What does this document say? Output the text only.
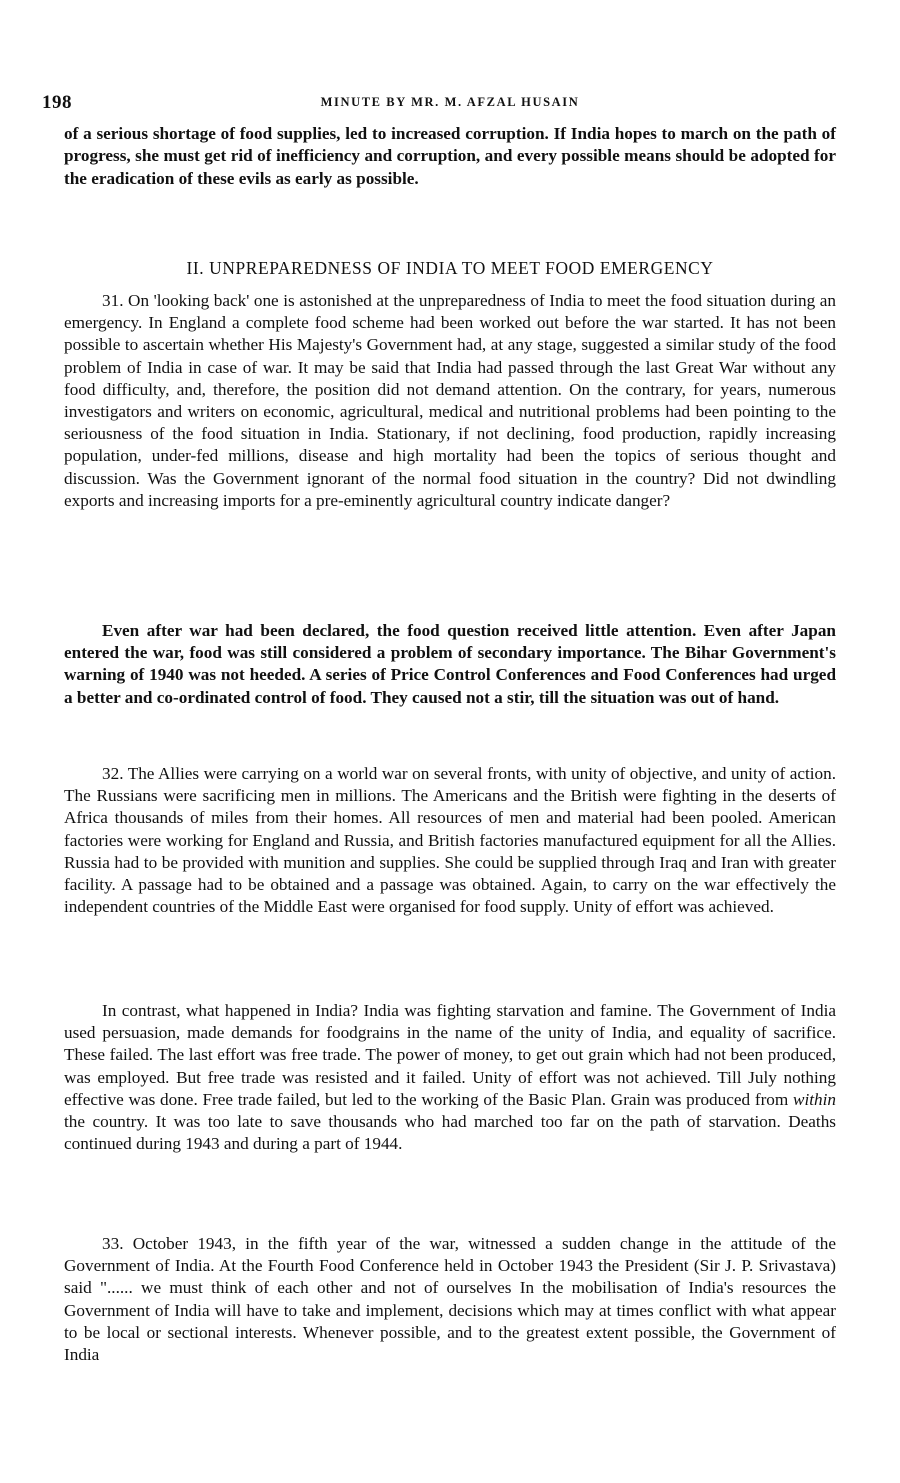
198	MINUTE BY MR. M. AFZAL HUSAIN

of a serious shortage of food supplies, led to increased corruption. If India hopes to march on the path of progress, she must get rid of inefficiency and corruption, and every possible means should be adopted for the eradication of these evils as early as possible.

II. UNPREPAREDNESS OF INDIA TO MEET FOOD EMERGENCY

31. On 'looking back' one is astonished at the unpreparedness of India to meet the food situation during an emergency. In England a complete food scheme had been worked out before the war started. It has not been possible to ascertain whether His Majesty's Government had, at any stage, suggested a similar study of the food problem of India in case of war. It may be said that India had passed through the last Great War without any food difficulty, and, therefore, the position did not demand attention. On the contrary, for years, numerous investigators and writers on economic, agricultural, medical and nutritional problems had been pointing to the seriousness of the food situation in India. Stationary, if not declining, food production, rapidly increasing population, under-fed millions, disease and high mortality had been the topics of serious thought and discussion. Was the Government ignorant of the normal food situation in the country? Did not dwindling exports and increasing imports for a pre-eminently agricultural country indicate danger?

Even after war had been declared, the food question received little attention. Even after Japan entered the war, food was still considered a problem of secondary importance. The Bihar Government's warning of 1940 was not heeded. A series of Price Control Conferences and Food Conferences had urged a better and co-ordinated control of food. They caused not a stir, till the situation was out of hand.

32. The Allies were carrying on a world war on several fronts, with unity of objective, and unity of action. The Russians were sacrificing men in millions. The Americans and the British were fighting in the deserts of Africa thousands of miles from their homes. All resources of men and material had been pooled. American factories were working for England and Russia, and British factories manufactured equipment for all the Allies. Russia had to be provided with munition and supplies. She could be supplied through Iraq and Iran with greater facility. A passage had to be obtained and a passage was obtained. Again, to carry on the war effectively the independent countries of the Middle East were organised for food supply. Unity of effort was achieved.

In contrast, what happened in India? India was fighting starvation and famine. The Government of India used persuasion, made demands for foodgrains in the name of the unity of India, and equality of sacrifice. These failed. The last effort was free trade. The power of money, to get out grain which had not been produced, was employed. But free trade was resisted and it failed. Unity of effort was not achieved. Till July nothing effective was done. Free trade failed, but led to the working of the Basic Plan. Grain was produced from within the country. It was too late to save thousands who had marched too far on the path of starvation. Deaths continued during 1943 and during a part of 1944.

33. October 1943, in the fifth year of the war, witnessed a sudden change in the attitude of the Government of India. At the Fourth Food Conference held in October 1943 the President (Sir J. P. Srivastava) said "...... we must think of each other and not of ourselves In the mobilisation of India's resources the Government of India will have to take and implement, decisions which may at times conflict with what appear to be local or sectional interests. Whenever possible, and to the greatest extent possible, the Government of India
